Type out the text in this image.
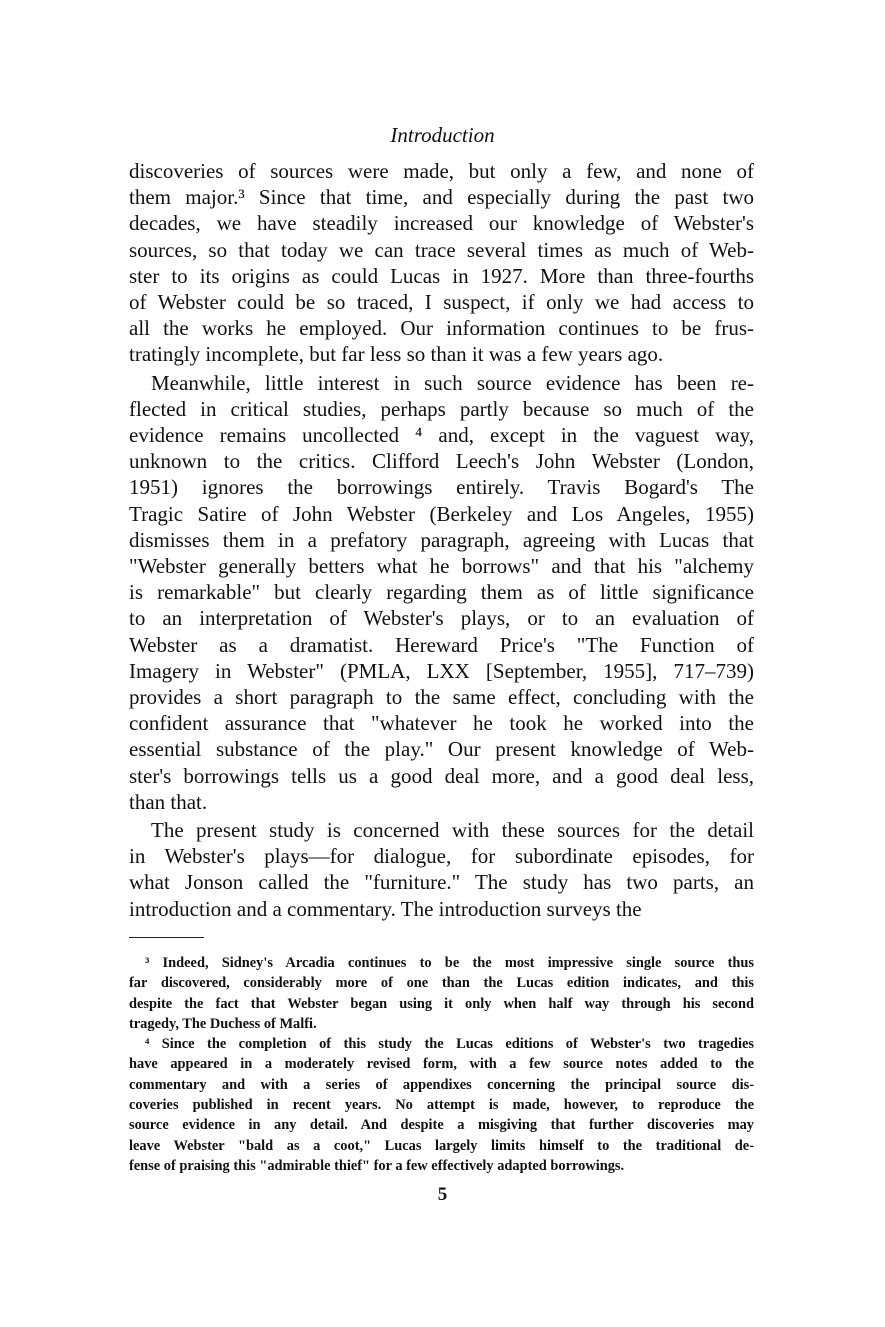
Introduction

discoveries of sources were made, but only a few, and none of
them major.³ Since that time, and especially during the past two
decades, we have steadily increased our knowledge of Webster's
sources, so that today we can trace several times as much of Web-
ster to its origins as could Lucas in 1927. More than three-fourths
of Webster could be so traced, I suspect, if only we had access to
all the works he employed. Our information continues to be frus-
tratingly incomplete, but far less so than it was a few years ago.

Meanwhile, little interest in such source evidence has been re-
flected in critical studies, perhaps partly because so much of the
evidence remains uncollected ⁴ and, except in the vaguest way,
unknown to the critics. Clifford Leech's John Webster (London,
1951) ignores the borrowings entirely. Travis Bogard's The
Tragic Satire of John Webster (Berkeley and Los Angeles, 1955)
dismisses them in a prefatory paragraph, agreeing with Lucas that
"Webster generally betters what he borrows" and that his "alchemy
is remarkable" but clearly regarding them as of little significance
to an interpretation of Webster's plays, or to an evaluation of
Webster as a dramatist. Hereward Price's "The Function of
Imagery in Webster" (PMLA, LXX [September, 1955], 717–739)
provides a short paragraph to the same effect, concluding with the
confident assurance that "whatever he took he worked into the
essential substance of the play." Our present knowledge of Web-
ster's borrowings tells us a good deal more, and a good deal less,
than that.

The present study is concerned with these sources for the detail
in Webster's plays—for dialogue, for subordinate episodes, for
what Jonson called the "furniture." The study has two parts, an
introduction and a commentary. The introduction surveys the

³ Indeed, Sidney's Arcadia continues to be the most impressive single source thus
far discovered, considerably more of one than the Lucas edition indicates, and this
despite the fact that Webster began using it only when half way through his second
tragedy, The Duchess of Malfi.

⁴ Since the completion of this study the Lucas editions of Webster's two tragedies
have appeared in a moderately revised form, with a few source notes added to the
commentary and with a series of appendixes concerning the principal source dis-
coveries published in recent years. No attempt is made, however, to reproduce the
source evidence in any detail. And despite a misgiving that further discoveries may
leave Webster "bald as a coot," Lucas largely limits himself to the traditional de-
fense of praising this "admirable thief" for a few effectively adapted borrowings.

5
